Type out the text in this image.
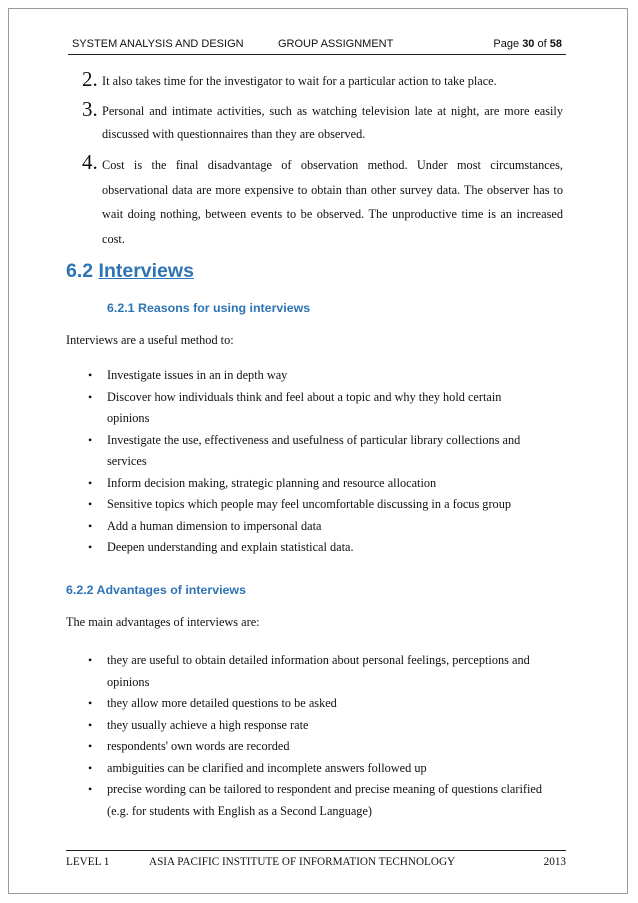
SYSTEM ANALYSIS AND DESIGN	GROUP ASSIGNMENT	Page 30 of 58
2. It also takes time for the investigator to wait for a particular action to take place.
3. Personal and intimate activities, such as watching television late at night, are more easily discussed with questionnaires than they are observed.
4. Cost is the final disadvantage of observation method. Under most circumstances, observational data are more expensive to obtain than other survey data. The observer has to wait doing nothing, between events to be observed. The unproductive time is an increased cost.
6.2 Interviews
6.2.1 Reasons for using interviews
Interviews are a useful method to:
• Investigate issues in an in depth way
• Discover how individuals think and feel about a topic and why they hold certain opinions
• Investigate the use, effectiveness and usefulness of particular library collections and services
• Inform decision making, strategic planning and resource allocation
• Sensitive topics which people may feel uncomfortable discussing in a focus group
• Add a human dimension to impersonal data
• Deepen understanding and explain statistical data.
6.2.2 Advantages of interviews
The main advantages of interviews are:
• they are useful to obtain detailed information about personal feelings, perceptions and opinions
• they allow more detailed questions to be asked
• they usually achieve a high response rate
• respondents' own words are recorded
• ambiguities can be clarified and incomplete answers followed up
• precise wording can be tailored to respondent and precise meaning of questions clarified (e.g. for students with English as a Second Language)
LEVEL 1	ASIA PACIFIC INSTITUTE OF INFORMATION TECHNOLOGY	2013
